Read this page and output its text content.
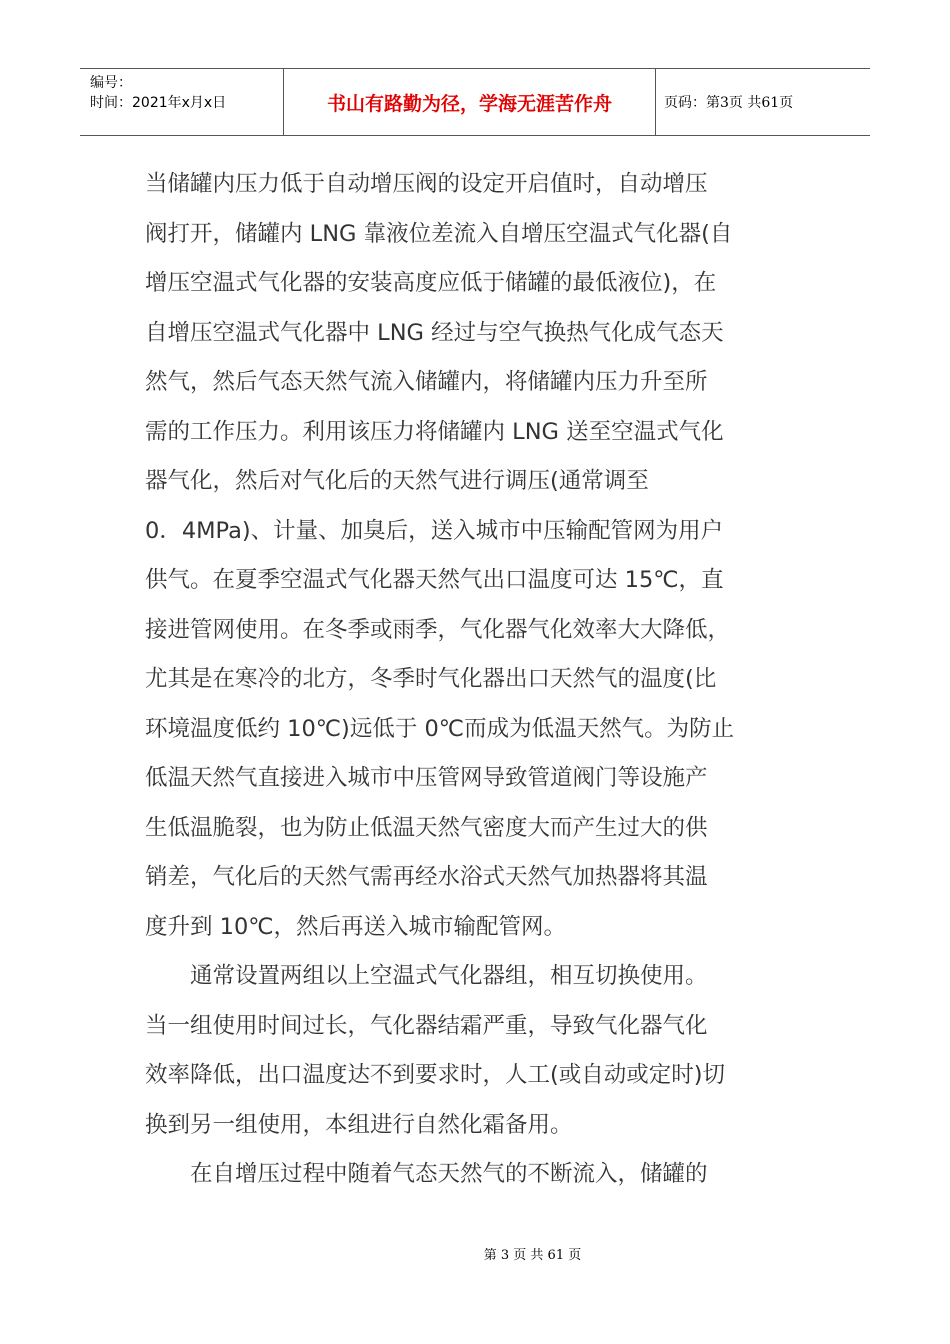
编号：
时间：2021年x月x日	书山有路勤为径，学海无涯苦作舟	页码：第3页 共61页

当储罐内压力低于自动增压阀的设定开启值时，自动增压
阀打开，储罐内 LNG 靠液位差流入自增压空温式气化器(自
增压空温式气化器的安装高度应低于储罐的最低液位)，在
自增压空温式气化器中 LNG 经过与空气换热气化成气态天
然气，然后气态天然气流入储罐内，将储罐内压力升至所
需的工作压力。利用该压力将储罐内 LNG 送至空温式气化
器气化，然后对气化后的天然气进行调压(通常调至
0．4MPa)、计量、加臭后，送入城市中压输配管网为用户
供气。在夏季空温式气化器天然气出口温度可达 15℃，直
接进管网使用。在冬季或雨季，气化器气化效率大大降低，
尤其是在寒冷的北方，冬季时气化器出口天然气的温度(比
环境温度低约 10℃)远低于 0℃而成为低温天然气。为防止
低温天然气直接进入城市中压管网导致管道阀门等设施产
生低温脆裂，也为防止低温天然气密度大而产生过大的供
销差，气化后的天然气需再经水浴式天然气加热器将其温
度升到 10℃，然后再送入城市输配管网。

通常设置两组以上空温式气化器组，相互切换使用。
当一组使用时间过长，气化器结霜严重，导致气化器气化
效率降低，出口温度达不到要求时，人工(或自动或定时)切
换到另一组使用，本组进行自然化霜备用。

在自增压过程中随着气态天然气的不断流入，储罐的

第 3 页 共 61 页
